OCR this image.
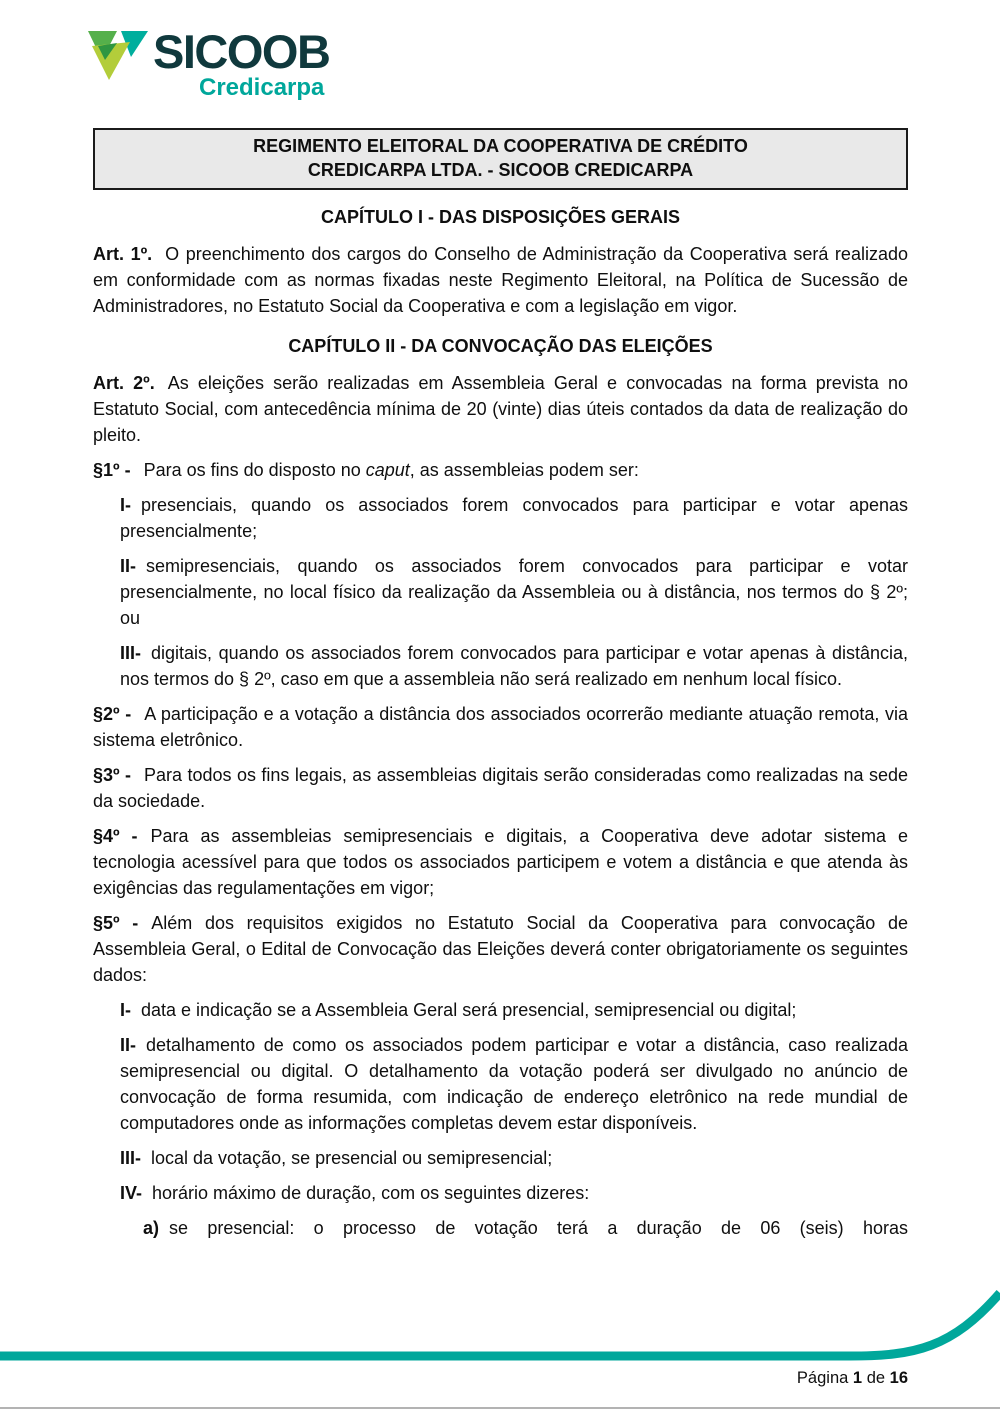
SICOOB
Credicarpa
REGIMENTO ELEITORAL DA COOPERATIVA DE CRÉDITO
CREDICARPA LTDA. - SICOOB CREDICARPA
CAPÍTULO I - DAS DISPOSIÇÕES GERAIS

Art. 1º. O preenchimento dos cargos do Conselho de Administração da Cooperativa será realizado em conformidade com as normas fixadas neste Regimento Eleitoral, na Política de Sucessão de Administradores, no Estatuto Social da Cooperativa e com a legislação em vigor.

CAPÍTULO II - DA CONVOCAÇÃO DAS ELEIÇÕES

Art. 2º. As eleições serão realizadas em Assembleia Geral e convocadas na forma prevista no Estatuto Social, com antecedência mínima de 20 (vinte) dias úteis contados da data de realização do pleito.

§1º - Para os fins do disposto no caput, as assembleias podem ser:

I- presenciais, quando os associados forem convocados para participar e votar apenas presencialmente;

II- semipresenciais, quando os associados forem convocados para participar e votar presencialmente, no local físico da realização da Assembleia ou à distância, nos termos do § 2º; ou

III- digitais, quando os associados forem convocados para participar e votar apenas à distância, nos termos do § 2º, caso em que a assembleia não será realizado em nenhum local físico.

§2º - A participação e a votação a distância dos associados ocorrerão mediante atuação remota, via sistema eletrônico.

§3º - Para todos os fins legais, as assembleias digitais serão consideradas como realizadas na sede da sociedade.

§4º - Para as assembleias semipresenciais e digitais, a Cooperativa deve adotar sistema e tecnologia acessível para que todos os associados participem e votem a distância e que atenda às exigências das regulamentações em vigor;

§5º - Além dos requisitos exigidos no Estatuto Social da Cooperativa para convocação de Assembleia Geral, o Edital de Convocação das Eleições deverá conter obrigatoriamente os seguintes dados:

I- data e indicação se a Assembleia Geral será presencial, semipresencial ou digital;

II- detalhamento de como os associados podem participar e votar a distância, caso realizada semipresencial ou digital. O detalhamento da votação poderá ser divulgado no anúncio de convocação de forma resumida, com indicação de endereço eletrônico na rede mundial de computadores onde as informações completas devem estar disponíveis.

III- local da votação, se presencial ou semipresencial;

IV- horário máximo de duração, com os seguintes dizeres:

a) se presencial: o processo de votação terá a duração de 06 (seis) horas

Página 1 de 16
